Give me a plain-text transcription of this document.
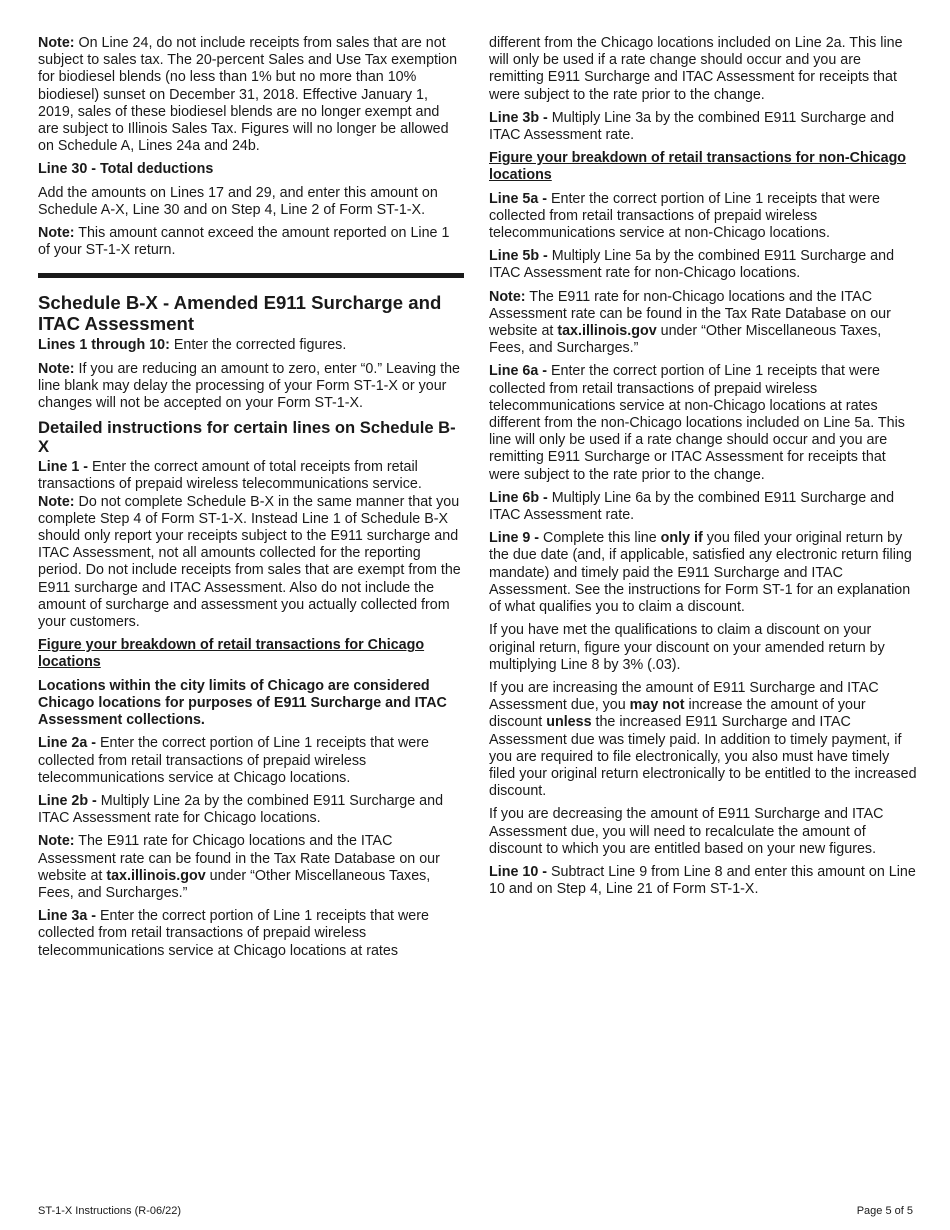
Note: On Line 24, do not include receipts from sales that are not subject to sales tax. The 20-percent Sales and Use Tax exemption for biodiesel blends (no less than 1% but no more than 10% biodiesel) sunset on December 31, 2018. Effective January 1, 2019, sales of these biodiesel blends are no longer exempt and are subject to Illinois Sales Tax. Figures will no longer be allowed on Schedule A, Lines 24a and 24b.

Line 30 - Total deductions

Add the amounts on Lines 17 and 29, and enter this amount on Schedule A-X, Line 30 and on Step 4, Line 2 of Form ST-1-X.

Note: This amount cannot exceed the amount reported on Line 1 of your ST-1-X return.

Schedule B-X - Amended E911 Surcharge and ITAC Assessment

Lines 1 through 10: Enter the corrected figures.

Note: If you are reducing an amount to zero, enter “0.” Leaving the line blank may delay the processing of your Form ST-1-X or your changes will not be accepted on your Form ST-1-X.

Detailed instructions for certain lines on Schedule B-X

Line 1 - Enter the correct amount of total receipts from retail transactions of prepaid wireless telecommunications service.

Note: Do not complete Schedule B-X in the same manner that you complete Step 4 of Form ST-1-X. Instead Line 1 of Schedule B-X should only report your receipts subject to the E911 surcharge and ITAC Assessment, not all amounts collected for the reporting period. Do not include receipts from sales that are exempt from the E911 surcharge and ITAC Assessment. Also do not include the amount of surcharge and assessment you actually collected from your customers.

Figure your breakdown of retail transactions for Chicago locations

Locations within the city limits of Chicago are considered Chicago locations for purposes of E911 Surcharge and ITAC Assessment collections.

Line 2a - Enter the correct portion of Line 1 receipts that were collected from retail transactions of prepaid wireless telecommunications service at Chicago locations.

Line 2b - Multiply Line 2a by the combined E911 Surcharge and ITAC Assessment rate for Chicago locations.

Note: The E911 rate for Chicago locations and the ITAC Assessment rate can be found in the Tax Rate Database on our website at tax.illinois.gov under “Other Miscellaneous Taxes, Fees, and Surcharges.”

Line 3a - Enter the correct portion of Line 1 receipts that were collected from retail transactions of prepaid wireless telecommunications service at Chicago locations at rates

different from the Chicago locations included on Line 2a. This line will only be used if a rate change should occur and you are remitting E911 Surcharge and ITAC Assessment for receipts that were subject to the rate prior to the change.

Line 3b - Multiply Line 3a by the combined E911 Surcharge and ITAC Assessment rate.

Figure your breakdown of retail transactions for non-Chicago locations

Line 5a - Enter the correct portion of Line 1 receipts that were collected from retail transactions of prepaid wireless telecommunications service at non-Chicago locations.

Line 5b - Multiply Line 5a by the combined E911 Surcharge and ITAC Assessment rate for non-Chicago locations.

Note: The E911 rate for non-Chicago locations and the ITAC Assessment rate can be found in the Tax Rate Database on our website at tax.illinois.gov under “Other Miscellaneous Taxes, Fees, and Surcharges.”

Line 6a - Enter the correct portion of Line 1 receipts that were collected from retail transactions of prepaid wireless telecommunications service at non-Chicago locations at rates different from the non-Chicago locations included on Line 5a. This line will only be used if a rate change should occur and you are remitting E911 Surcharge or ITAC Assessment for receipts that were subject to the rate prior to the change.

Line 6b - Multiply Line 6a by the combined E911 Surcharge and ITAC Assessment rate.

Line 9 - Complete this line only if you filed your original return by the due date (and, if applicable, satisfied any electronic return filing mandate) and timely paid the E911 Surcharge and ITAC Assessment. See the instructions for Form ST-1 for an explanation of what qualifies you to claim a discount.

If you have met the qualifications to claim a discount on your original return, figure your discount on your amended return by multiplying Line 8 by 3% (.03).

If you are increasing the amount of E911 Surcharge and ITAC Assessment due, you may not increase the amount of your discount unless the increased E911 Surcharge and ITAC Assessment due was timely paid. In addition to timely payment, if you are required to file electronically, you also must have timely filed your original return electronically to be entitled to the increased discount.

If you are decreasing the amount of E911 Surcharge and ITAC Assessment due, you will need to recalculate the amount of discount to which you are entitled based on your new figures.

Line 10 - Subtract Line 9 from Line 8 and enter this amount on Line 10 and on Step 4, Line 21 of Form ST-1-X.

ST-1-X Instructions (R-06/22)	Page 5 of 5
